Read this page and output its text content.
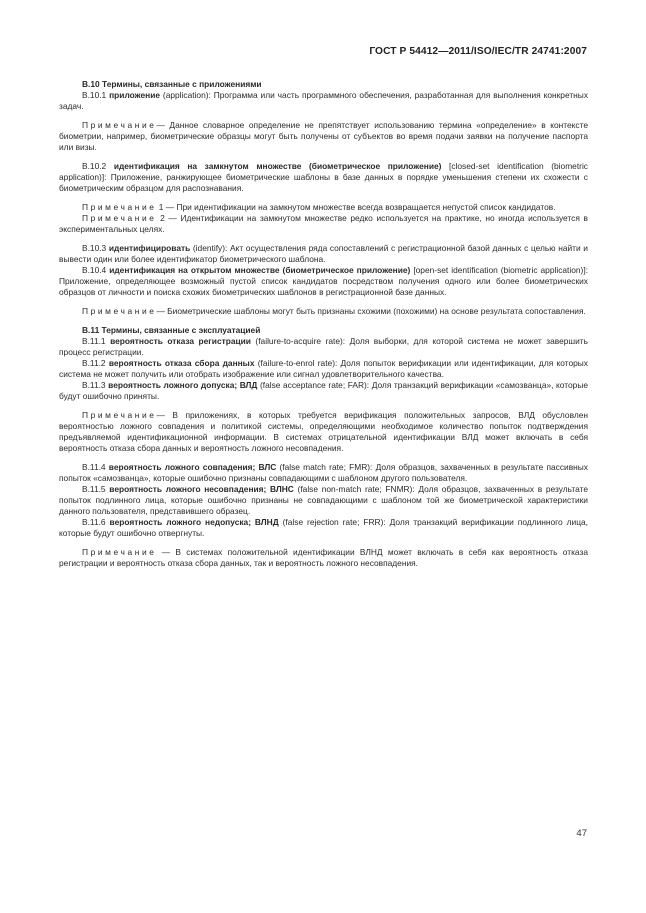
ГОСТ Р 54412—2011/ISO/IEC/TR 24741:2007

В.10 Термины, связанные с приложениями

В.10.1 приложение (application): Программа или часть программного обеспечения, разработанная для выполнения конкретных задач.

Примечание— Данное словарное определение не препятствует использованию термина «определение» в контексте биометрии, например, биометрические образцы могут быть получены от субъектов во время подачи заявки на получение паспорта или визы.

В.10.2 идентификация на замкнутом множестве (биометрическое приложение) [closed-set identification (biometric application)]: Приложение, ранжирующее биометрические шаблоны в базе данных в порядке уменьшения степени их схожести с биометрическим образцом для распознавания.

Примечание 1 — При идентификации на замкнутом множестве всегда возвращается непустой список кандидатов.

Примечание 2 — Идентификации на замкнутом множестве редко используется на практике, но иногда используется в экспериментальных целях.

В.10.3 идентифицировать (identify): Акт осуществления ряда сопоставлений с регистрационной базой данных с целью найти и вывести один или более идентификатор биометрического шаблона.

В.10.4 идентификация на открытом множестве (биометрическое приложение) [open-set identification (biometric application)]: Приложение, определяющее возможный пустой список кандидатов посредством получения одного или более биометрических образцов от личности и поиска схожих биометрических шаблонов в регистрационной базе данных.

Примечание— Биометрические шаблоны могут быть признаны схожими (похожими) на основе результата сопоставления.

В.11 Термины, связанные с эксплуатацией

В.11.1 вероятность отказа регистрации (failure-to-acquire rate): Доля выборки, для которой система не может завершить процесс регистрации.

В.11.2 вероятность отказа сбора данных (failure-to-enrol rate): Доля попыток верификации или идентификации, для которых система не может получить или отобрать изображение или сигнал удовлетворительного качества.

В.11.3 вероятность ложного допуска; ВЛД (false acceptance rate; FAR): Доля транзакций верификации «самозванца», которые будут ошибочно приняты.

Примечание— В приложениях, в которых требуется верификация положительных запросов, ВЛД обусловлен вероятностью ложного совпадения и политикой системы, определяющими необходимое количество попыток подтверждения предъявляемой идентификационной информации. В системах отрицательной идентификации ВЛД может включать в себя вероятность отказа сбора данных и вероятность ложного несовпадения.

В.11.4 вероятность ложного совпадения; ВЛС (false match rate; FMR): Доля образцов, захваченных в результате пассивных попыток «самозванца», которые ошибочно признаны совпадающими с шаблоном другого пользователя.

В.11.5 вероятность ложного несовпадения; ВЛНС (false non-match rate; FNMR): Доля образцов, захваченных в результате попыток подлинного лица, которые ошибочно признаны не совпадающими с шаблоном той же биометрической характеристики данного пользователя, представившего образец.

В.11.6 вероятность ложного недопуска; ВЛНД (false rejection rate; FRR): Доля транзакций верификации подлинного лица, которые будут ошибочно отвергнуты.

Примечание — В системах положительной идентификации ВЛНД может включать в себя как вероятность отказа регистрации и вероятность отказа сбора данных, так и вероятность ложного несовпадения.

47
